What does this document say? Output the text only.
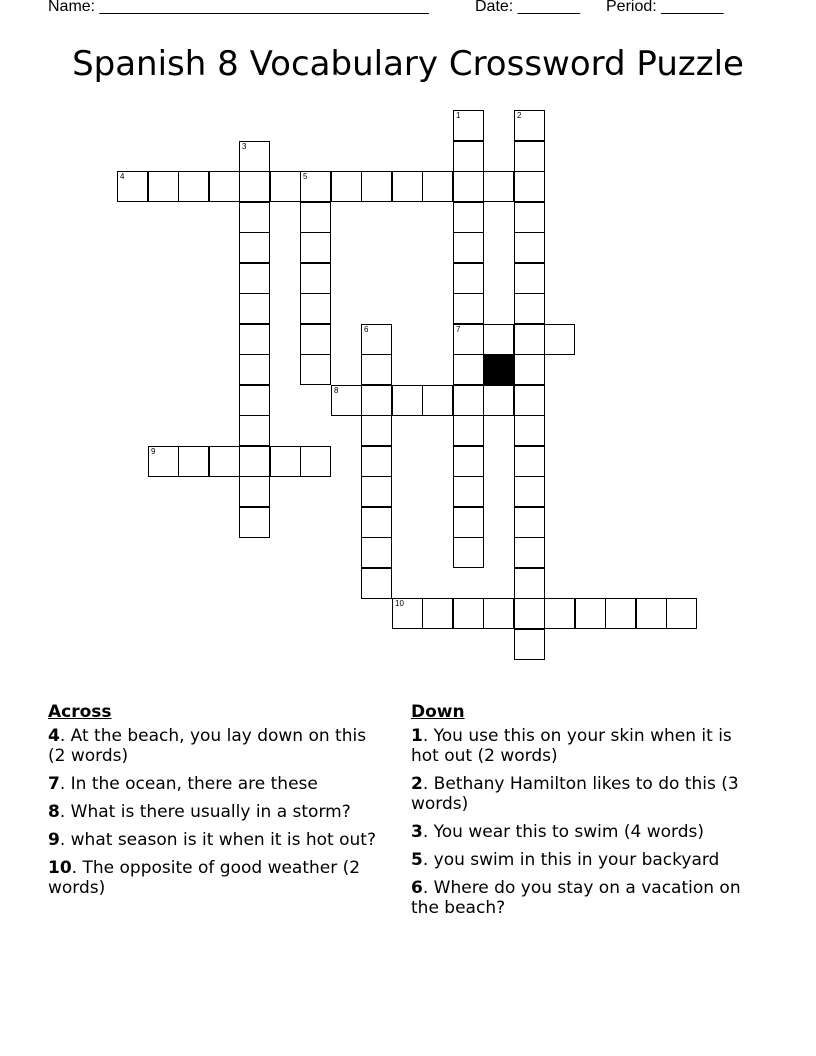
Name: _____________________________________	Date: _______ Period: _______
Spanish 8 Vocabulary Crossword Puzzle
1	2
3
4	5
6	7
8
9
10
Across
4. At the beach, you lay down on this (2 words)
7. In the ocean, there are these
8. What is there usually in a storm?
9. what season is it when it is hot out?
10. The opposite of good weather (2 words)
Down
1. You use this on your skin when it is hot out (2 words)
2. Bethany Hamilton likes to do this (3 words)
3. You wear this to swim (4 words)
5. you swim in this in your backyard
6. Where do you stay on a vacation on the beach?
